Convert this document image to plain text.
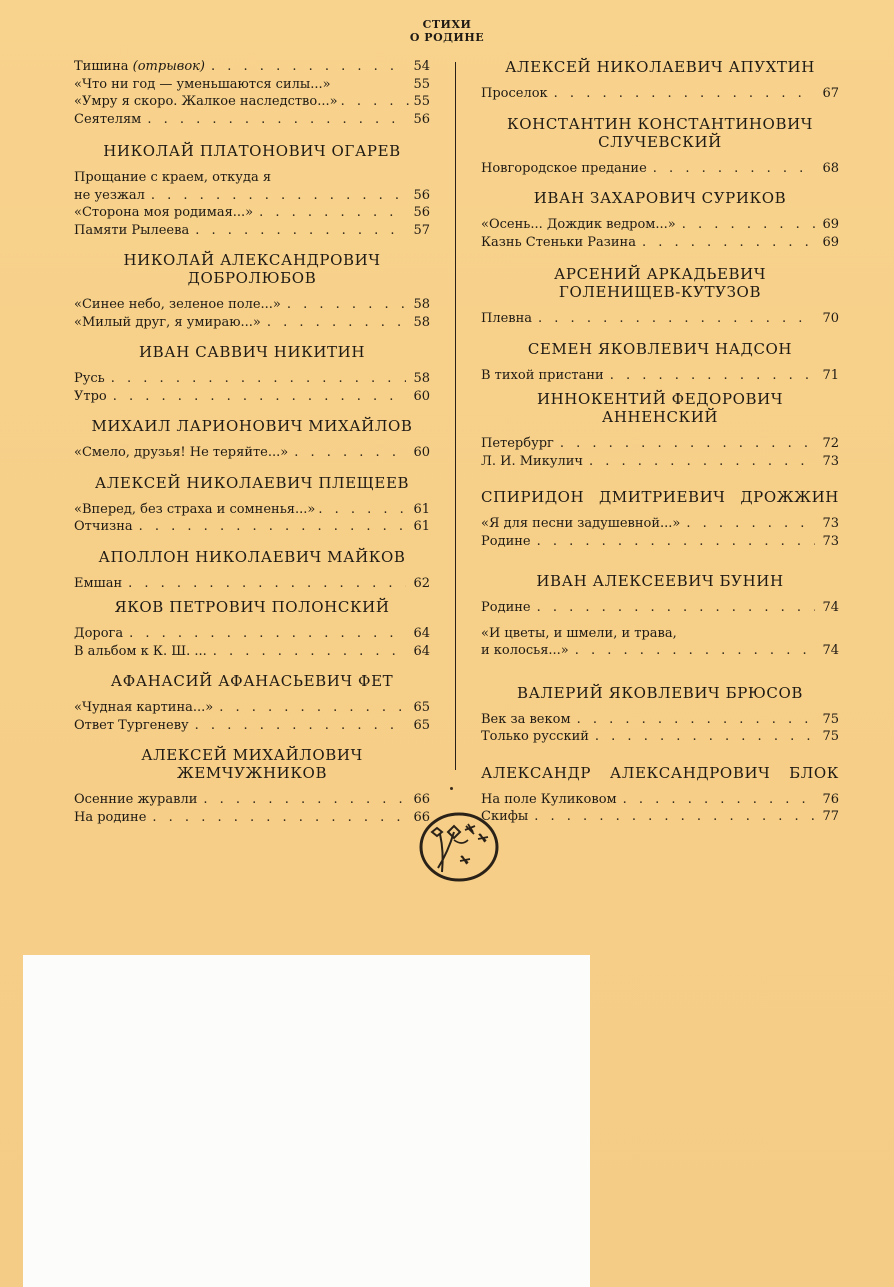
СТИХИ
О РОДИНЕ
Тишина (отрывок) . . .	54
«Что ни год — уменьшаются силы...»	55
«Умру я скоро. Жалкое наследство...» . . .	55
Сеятелям . . .	56
НИКОЛАЙ ПЛАТОНОВИЧ ОГАРЕВ
Прощание с краем, откуда я
не уезжал . . .	56
«Сторона моя родимая...» . . .	56
Памяти Рылеева . . .	57
НИКОЛАЙ АЛЕКСАНДРОВИЧ
ДОБРОЛЮБОВ
«Синее небо, зеленое поле...» . . .	58
«Милый друг, я умираю...» . . .	58
ИВАН САВВИЧ НИКИТИН
Русь . . .	58
Утро . . .	60
МИХАИЛ ЛАРИОНОВИЧ МИХАЙЛОВ
«Смело, друзья! Не теряйте...» . . .	60
АЛЕКСЕЙ НИКОЛАЕВИЧ ПЛЕЩЕЕВ
«Вперед, без страха и сомненья...» . . .	61
Отчизна . . .	61
АПОЛЛОН НИКОЛАЕВИЧ МАЙКОВ
Емшан . . .	62
ЯКОВ ПЕТРОВИЧ ПОЛОНСКИЙ
Дорога . . .	64
В альбом к К. Ш. ... . . .	64
АФАНАСИЙ АФАНАСЬЕВИЧ ФЕТ
«Чудная картина...» . . .	65
Ответ Тургеневу . . .	65
АЛЕКСЕЙ МИХАЙЛОВИЧ
ЖЕМЧУЖНИКОВ
Осенние журавли . . .	66
На родине . . .	66
АЛЕКСЕЙ НИКОЛАЕВИЧ АПУХТИН
Проселок . . .	67
КОНСТАНТИН КОНСТАНТИНОВИЧ
СЛУЧЕВСКИЙ
Новгородское предание . . .	68
ИВАН ЗАХАРОВИЧ СУРИКОВ
«Осень... Дождик ведром...» . . .	69
Казнь Стеньки Разина . . .	69
АРСЕНИЙ АРКАДЬЕВИЧ
ГОЛЕНИЩЕВ-КУТУЗОВ
Плевна . . .	70
СЕМЕН ЯКОВЛЕВИЧ НАДСОН
В тихой пристани . . .	71
ИННОКЕНТИЙ ФЕДОРОВИЧ
АННЕНСКИЙ
Петербург . . .	72
Л. И. Микулич . . .	73
СПИРИДОН ДМИТРИЕВИЧ ДРОЖЖИН
«Я для песни задушевной...» . . .	73
Родине . . .	73
ИВАН АЛЕКСЕЕВИЧ БУНИН
Родине . . .	74
«И цветы, и шмели, и трава,
и колосья...» . . .	74
ВАЛЕРИЙ ЯКОВЛЕВИЧ БРЮСОВ
Век за веком . . .	75
Только русский . . .	75
АЛЕКСАНДР АЛЕКСАНДРОВИЧ БЛОК
На поле Куликовом . . .	76
Скифы . . .	77
